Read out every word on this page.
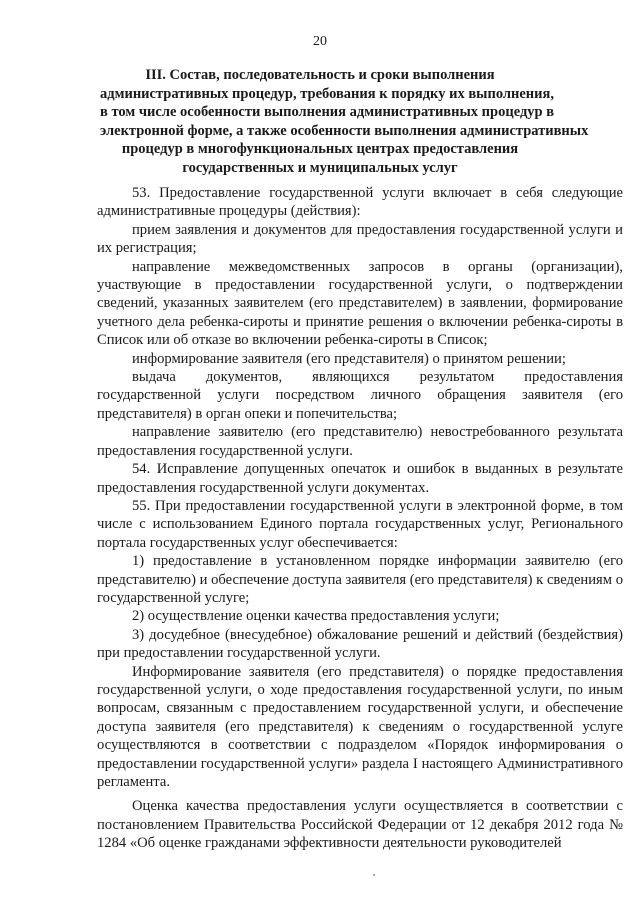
20
III. Состав, последовательность и сроки выполнения
административных процедур, требования к порядку их выполнения,
в том числе особенности выполнения административных процедур в
электронной форме, а также особенности выполнения административных
процедур в многофункциональных центрах предоставления
государственных и муниципальных услуг

53. Предоставление государственной услуги включает в себя следующие административные процедуры (действия):

прием заявления и документов для предоставления государственной услуги и их регистрация;

направление межведомственных запросов в органы (организации), участвующие в предоставлении государственной услуги, о подтверждении сведений, указанных заявителем (его представителем) в заявлении, формирование учетного дела ребенка-сироты и принятие решения о включении ребенка-сироты в Список или об отказе во включении ребенка-сироты в Список;

информирование заявителя (его представителя) о принятом решении;

выдача документов, являющихся результатом предоставления государственной услуги посредством личного обращения заявителя (его представителя) в орган опеки и попечительства;

направление заявителю (его представителю) невостребованного результата предоставления государственной услуги.

54. Исправление допущенных опечаток и ошибок в выданных в результате предоставления государственной услуги документах.

55. При предоставлении государственной услуги в электронной форме, в том числе с использованием Единого портала государственных услуг, Регионального портала государственных услуг обеспечивается:

1) предоставление в установленном порядке информации заявителю (его представителю) и обеспечение доступа заявителя (его представителя) к сведениям о государственной услуге;

2) осуществление оценки качества предоставления услуги;

3) досудебное (внесудебное) обжалование решений и действий (бездействия) при предоставлении государственной услуги.

Информирование заявителя (его представителя) о порядке предоставления государственной услуги, о ходе предоставления государственной услуги, по иным вопросам, связанным с предоставлением государственной услуги, и обеспечение доступа заявителя (его представителя) к сведениям о государственной услуге осуществляются в соответствии с подразделом «Порядок информирования о предоставлении государственной услуги» раздела I настоящего Административного регламента.

Оценка качества предоставления услуги осуществляется в соответствии с постановлением Правительства Российской Федерации от 12 декабря 2012 года № 1284 «Об оценке гражданами эффективности деятельности руководителей
